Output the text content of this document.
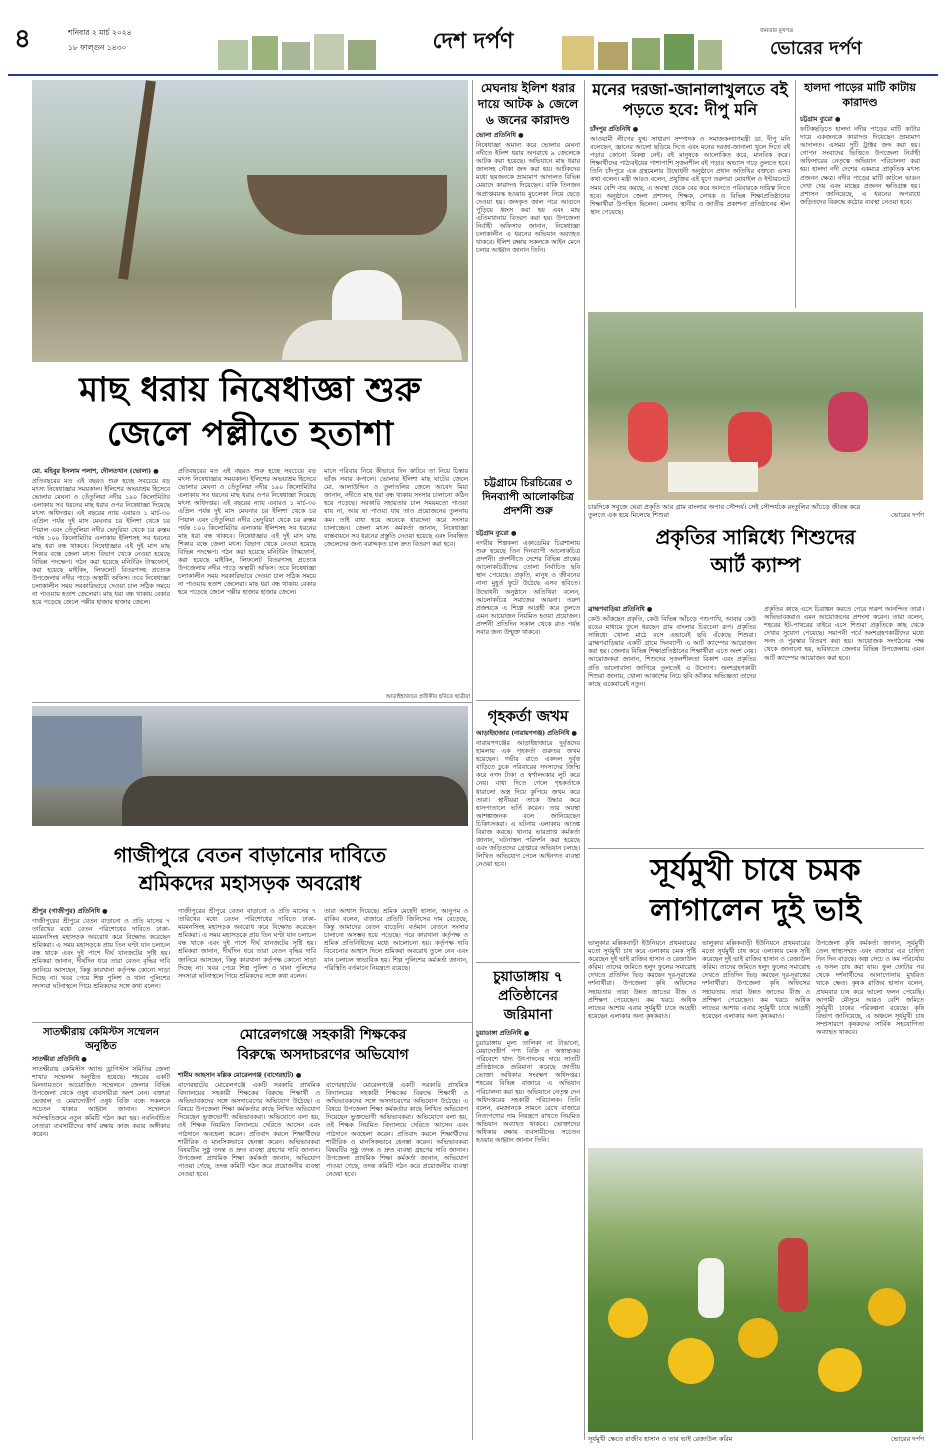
৪	শনিবার ২ মার্চ ২০২৪
১৮ ফাল্গুন ১৪৩০	দেশ দর্পণ	জনতার মুখপত্র
ভোরের দর্পণ
মাছ ধরায় নিষেধাজ্ঞা শুরু
জেলে পল্লীতে হতাশা
মো. মহিবুর ইসলাম পলাশ, দৌলতখান (ভোলা) ●
প্রতিবছরের মত এই বছরও শুরু হচ্ছে সবচেয়ে বড় মৎস্য নিষেধাজ্ঞার সময়কাল। ইলিশের অভয়াশ্রম হিসেবে ভোলার মেঘনা ও তেঁতুলিয়া নদীর ১৯০ কিলোমিটার এলাকায় সব ধরনের মাছ ধরার ওপর নিষেধাজ্ঞা দিয়েছে মৎস্য অধিদপ্তর। এই বছরের ন্যায় এবারও ১ মার্চ-৩০ এপ্রিল পর্যন্ত দুই মাস মেঘনার চর ইলিশা থেকে চর পিয়াল এবং তেঁতুলিয়া নদীর ভেদুরিয়া থেকে চর রুস্তম পর্যন্ত ১০০ কিলোমিটার এলাকায় ইলিশসহ সব ধরনের মাছ ধরা বন্ধ থাকবে। নিষেধাজ্ঞার এই দুই মাস মাছ শিকার বন্ধে জেলা মৎস্য বিভাগ থেকে নেওয়া হয়েছে বিভিন্ন পদক্ষেপ। গঠন করা হয়েছে মনিটরিং টাস্কফোর্স, করা হয়েছে মাইকিং, লিফলেট বিতরণসহ প্রত্যেক উপজেলায় নদীর পাড়ে অস্থায়ী অফিস। তবে নিষেধাজ্ঞা চলাকালীন সময় সরকারিভাবে দেওয়া চাল সঠিক সময়ে না পাওয়ায় হতাশ জেলেরা। মাছ ধরা বন্ধ থাকায় বেকার হয়ে পড়েছে জেলে পল্লীর হাজার হাজার জেলে।
প্রতিবছরের মত এই বছরও শুরু হচ্ছে সবচেয়ে বড় মৎস্য নিষেধাজ্ঞার সময়কাল। ইলিশের অভয়াশ্রম হিসেবে ভোলার মেঘনা ও তেঁতুলিয়া নদীর ১৯০ কিলোমিটার এলাকায় সব ধরনের মাছ ধরার ওপর নিষেধাজ্ঞা দিয়েছে মৎস্য অধিদপ্তর। এই বছরের ন্যায় এবারও ১ মার্চ-৩০ এপ্রিল পর্যন্ত দুই মাস মেঘনার চর ইলিশা থেকে চর পিয়াল এবং তেঁতুলিয়া নদীর ভেদুরিয়া থেকে চর রুস্তম পর্যন্ত ১০০ কিলোমিটার এলাকায় ইলিশসহ সব ধরনের মাছ ধরা বন্ধ থাকবে। নিষেধাজ্ঞার এই দুই মাস মাছ শিকার বন্ধে জেলা মৎস্য বিভাগ থেকে নেওয়া হয়েছে বিভিন্ন পদক্ষেপ। গঠন করা হয়েছে মনিটরিং টাস্কফোর্স, করা হয়েছে মাইকিং, লিফলেট বিতরণসহ প্রত্যেক উপজেলায় নদীর পাড়ে অস্থায়ী অফিস। তবে নিষেধাজ্ঞা চলাকালীন সময় সরকারিভাবে দেওয়া চাল সঠিক সময়ে না পাওয়ায় হতাশ জেলেরা। মাছ ধরা বন্ধ থাকায় বেকার হয়ে পড়েছে জেলে পল্লীর হাজার হাজার জেলে।
মাসে পরিবার নিয়ে কীভাবে দিন কাটবে তা নিয়ে চিন্তার ভাঁজ সবার কপালে। ভোলার ইলিশা মাছ ঘাটের জেলে মো. আলাউদ্দিন ও তুলাতলির জেলে আবেদ মিয়া জানান, নদীতে মাছ ধরা বন্ধ থাকায় সংসার চালানো কঠিন হয়ে পড়েছে। সরকারি সহায়তার চাল সময়মতো পাওয়া যায় না, আর যা পাওয়া যায় তাও প্রয়োজনের তুলনায় কম। তাই বাধ্য হয়ে অনেকে ধারদেনা করে সংসার চালাচ্ছেন। জেলা মৎস্য কর্মকর্তা জানান, নিষেধাজ্ঞা বাস্তবায়নে সব ধরনের প্রস্তুতি নেওয়া হয়েছে এবং নিবন্ধিত জেলেদের জন্য বরাদ্দকৃত চাল দ্রুত বিতরণ করা হবে।
মেঘনায় ইলিশ ধরার দায়ে আটক ৯ জেলে ৬ জনের কারাদণ্ড
ভোলা প্রতিনিধি ●
নিষেধাজ্ঞা অমান্য করে ভোলার মেঘনা নদীতে ইলিশ ধরার অপরাধে ৯ জেলেকে আটক করা হয়েছে। অভিযানে মাছ ধরার জালসহ নৌকা জব্দ করা হয়। আটকদের মধ্যে ছয়জনকে ভ্রাম্যমাণ আদালত বিভিন্ন মেয়াদে কারাদণ্ড দিয়েছেন। বাকি তিনজন অপ্রাপ্তবয়স্ক হওয়ায় মুচলেকা নিয়ে ছেড়ে দেওয়া হয়। জব্দকৃত জাল পরে আগুনে পুড়িয়ে ধ্বংস করা হয় এবং মাছ এতিমখানায় বিতরণ করা হয়। উপজেলা নির্বাহী অফিসার জানান, নিষেধাজ্ঞা চলাকালীন এ ধরনের অভিযান অব্যাহত থাকবে। ইলিশ রক্ষায় সকলকে আইন মেনে চলার আহ্বান জানান তিনি।
চট্টগ্রামে চিরচিত্রের ৩ দিনব্যাপী আলোকচিত্র প্রদর্শনী শুরু
চট্টগ্রাম ব্যুরো ●
নগরীর শিল্পকলা একাডেমির চিত্রশালায় শুরু হয়েছে তিন দিনব্যাপী আলোকচিত্র প্রদর্শনী। প্রদর্শনীতে দেশের বিভিন্ন প্রান্তের আলোকচিত্রীদের তোলা নির্বাচিত ছবি স্থান পেয়েছে। প্রকৃতি, মানুষ ও জীবনের নানা মুহূর্ত ফুটে উঠেছে এসব ছবিতে। উদ্বোধনী অনুষ্ঠানে অতিথিরা বলেন, আলোকচিত্র সমাজের আয়না। তরুণ প্রজন্মকে এ শিল্পে আগ্রহী করে তুলতে এমন আয়োজন নিয়মিত হওয়া প্রয়োজন। প্রদর্শনী প্রতিদিন সকাল থেকে রাত পর্যন্ত সবার জন্য উন্মুক্ত থাকবে।
মনের দরজা-জানালাখুলতে বই পড়তে হবে: দীপু মনি
চাঁদপুর প্রতিনিধি ●
আওয়ামী লীগের যুগ্ম সাধারণ সম্পাদক ও সমাজকল্যাণমন্ত্রী ডা. দীপু মনি বলেছেন, জ্ঞানের আলো ছড়িয়ে দিতে এবং মনের দরজা-জানালা খুলে দিতে বই পড়ার কোনো বিকল্প নেই। বই মানুষকে আলোকিত করে, মানবিক করে। শিক্ষার্থীদের পাঠ্যবইয়ের পাশাপাশি সৃজনশীল বই পড়ার অভ্যাস গড়ে তুলতে হবে। তিনি চাঁদপুরে এক গ্রন্থমেলার উদ্বোধনী অনুষ্ঠানে প্রধান অতিথির বক্তব্যে এসব কথা বলেন। মন্ত্রী আরও বলেন, প্রযুক্তির এই যুগে তরুণরা মোবাইল ও ইন্টারনেটে সময় বেশি ব্যয় করছে, এ অবস্থা থেকে বের করে আনতে পরিবারকে দায়িত্ব নিতে হবে। অনুষ্ঠানে জেলা প্রশাসন, শিক্ষক, লেখক ও বিভিন্ন শিক্ষাপ্রতিষ্ঠানের শিক্ষার্থীরা উপস্থিত ছিলেন। মেলায় স্থানীয় ও জাতীয় প্রকাশনা প্রতিষ্ঠানের স্টল স্থান পেয়েছে।
হালদা পাড়ের মাটি কাটায় কারাদণ্ড
চট্টগ্রাম ব্যুরো ●
ফটিকছড়িতে হালদা নদীর পাড়ের মাটি কাটার দায়ে একজনকে কারাদণ্ড দিয়েছেন ভ্রাম্যমাণ আদালত। এসময় দুটি ট্রাক্টর জব্দ করা হয়। গোপন সংবাদের ভিত্তিতে উপজেলা নির্বাহী অফিসারের নেতৃত্বে অভিযান পরিচালনা করা হয়। হালদা নদী দেশের একমাত্র প্রাকৃতিক মৎস্য প্রজনন ক্ষেত্র। নদীর পাড়ের মাটি কাটলে ভাঙন দেখা দেয় এবং মাছের প্রজনন ক্ষতিগ্রস্ত হয়। প্রশাসন জানিয়েছে, এ ধরনের অপরাধে জড়িতদের বিরুদ্ধে কঠোর ব্যবস্থা নেওয়া হবে।
চারদিকে সবুজে ঘেরা প্রকৃতি আর গ্রাম বাংলার অপার সৌন্দর্য। সেই সৌন্দর্যকে রংতুলির আঁচড়ে জীবন্ত করে তুলতে এক হয়ে মিলেছে শিশুরা	ভোরের দর্পণ
প্রকৃতির সান্নিধ্যে শিশুদের
আর্ট ক্যাম্প
ব্রাহ্মণবাড়িয়া প্রতিনিধি ●
কেউ আঁকছেন প্রকৃতি, কেউ বিভিন্ন আঁচড়ে পশুপাখি, আবার কেউ রঙের মাধ্যমে তুলে ধরছেন গ্রাম বাংলার চিরচেনা রূপ। প্রকৃতির সান্নিধ্যে খোলা মাঠে বসে এভাবেই ছবি এঁকেছে শিশুরা। ব্রাহ্মণবাড়িয়ার একটি গ্রামে দিনব্যাপী এ আর্ট ক্যাম্পের আয়োজন করা হয়। জেলার বিভিন্ন শিক্ষাপ্রতিষ্ঠানের শিক্ষার্থীরা এতে অংশ নেয়। আয়োজকরা জানান, শিশুদের সৃজনশীলতা বিকাশ এবং প্রকৃতির প্রতি ভালোবাসা জাগিয়ে তুলতেই এ উদ্যোগ। অংশগ্রহণকারী শিশুরা জানায়, খোলা আকাশের নিচে ছবি আঁকার অভিজ্ঞতা তাদের কাছে একেবারেই নতুন।
প্রকৃতির কাছে এসে চিত্রাঙ্কন করতে পেরে দারুণ আনন্দিত তারা। অভিভাবকরাও এমন আয়োজনের প্রশংসা করেন। তারা বলেন, শহরের ইট-পাথরের বাইরে এসে শিশুরা প্রকৃতিকে কাছ থেকে দেখার সুযোগ পেয়েছে। সমাপনী পর্বে অংশগ্রহণকারীদের মধ্যে সনদ ও পুরস্কার বিতরণ করা হয়। আয়োজক সংগঠনের পক্ষ থেকে জানানো হয়, ভবিষ্যতে জেলার বিভিন্ন উপজেলায় এমন আর্ট ক্যাম্পের আয়োজন করা হবে।
আড়াইহাজারে প্রতীকীর ছবিতে ছাত্রীরা
গৃহকর্তা জখম
আড়াইহাজার (নারায়ণগঞ্জ) প্রতিনিধি ●
নারায়ণগঞ্জের আড়াইহাজারে দুর্বৃত্তদের হামলায় এক গৃহকর্তা গুরুতর জখম হয়েছেন। গভীর রাতে একদল দুর্বৃত্ত বাড়িতে ঢুকে পরিবারের সদস্যদের জিম্মি করে নগদ টাকা ও স্বর্ণালংকার লুট করে নেয়। বাধা দিতে গেলে গৃহকর্তাকে ধারালো অস্ত্র দিয়ে কুপিয়ে জখম করে তারা। স্থানীয়রা তাকে উদ্ধার করে হাসপাতালে ভর্তি করেন। তার অবস্থা আশঙ্কাজনক বলে জানিয়েছেন চিকিৎসকরা। এ ঘটনায় এলাকায় আতঙ্ক বিরাজ করছে। থানার ভারপ্রাপ্ত কর্মকর্তা জানান, ঘটনাস্থল পরিদর্শন করা হয়েছে এবং জড়িতদের গ্রেপ্তারে অভিযান চলছে। লিখিত অভিযোগ পেলে আইনগত ব্যবস্থা নেওয়া হবে।
গাজীপুরে বেতন বাড়ানোর দাবিতে
শ্রমিকদের মহাসড়ক অবরোধ
শ্রীপুর (গাজীপুর) প্রতিনিধি ●
গাজীপুরের শ্রীপুরে বেতন বাড়ানো ও প্রতি মাসের ৭ তারিখের মধ্যে বেতন পরিশোধের দাবিতে ঢাকা-ময়মনসিংহ মহাসড়ক অবরোধ করে বিক্ষোভ করেছেন শ্রমিকরা। এ সময় মহাসড়কে প্রায় তিন ঘণ্টা যান চলাচল বন্ধ থাকে এবং দুই পাশে দীর্ঘ যানজটের সৃষ্টি হয়। শ্রমিকরা জানান, দীর্ঘদিন ধরে তারা বেতন বৃদ্ধির দাবি জানিয়ে আসছেন, কিন্তু কারখানা কর্তৃপক্ষ কোনো সাড়া দিচ্ছে না। খবর পেয়ে শিল্প পুলিশ ও থানা পুলিশের সদস্যরা ঘটনাস্থলে গিয়ে শ্রমিকদের সঙ্গে কথা বলেন।
গাজীপুরের শ্রীপুরে বেতন বাড়ানো ও প্রতি মাসের ৭ তারিখের মধ্যে বেতন পরিশোধের দাবিতে ঢাকা-ময়মনসিংহ মহাসড়ক অবরোধ করে বিক্ষোভ করেছেন শ্রমিকরা। এ সময় মহাসড়কে প্রায় তিন ঘণ্টা যান চলাচল বন্ধ থাকে এবং দুই পাশে দীর্ঘ যানজটের সৃষ্টি হয়। শ্রমিকরা জানান, দীর্ঘদিন ধরে তারা বেতন বৃদ্ধির দাবি জানিয়ে আসছেন, কিন্তু কারখানা কর্তৃপক্ষ কোনো সাড়া দিচ্ছে না। খবর পেয়ে শিল্প পুলিশ ও থানা পুলিশের সদস্যরা ঘটনাস্থলে গিয়ে শ্রমিকদের সঙ্গে কথা বলেন।
তারা আশ্বাস দিয়েছে। শ্রমিক মেহেদী হাসান, আনুপম ও রাকিব বলেন, বাজারে প্রতিটি জিনিসের দাম বেড়েছে, কিন্তু আমাদের বেতন বাড়েনি। বর্তমান বেতনে সংসার চালানো অসম্ভব হয়ে পড়েছে। পরে কারখানা কর্তৃপক্ষ ও শ্রমিক প্রতিনিধিদের মধ্যে আলোচনা হয়। কর্তৃপক্ষ দাবি বিবেচনার আশ্বাস দিলে শ্রমিকরা অবরোধ তুলে নেন এবং যান চলাচল স্বাভাবিক হয়। শিল্প পুলিশের কর্মকর্তা জানান, পরিস্থিতি বর্তমানে নিয়ন্ত্রণে রয়েছে।
চুয়াডাঙ্গায় ৭ প্রতিষ্ঠানের জরিমানা
চুয়াডাঙ্গা প্রতিনিধি ●
চুয়াডাঙ্গায় মূল্য তালিকা না টাঙানো, মেয়াদোত্তীর্ণ পণ্য বিক্রি ও অস্বাস্থ্যকর পরিবেশে খাদ্য উৎপাদনের দায়ে সাতটি প্রতিষ্ঠানকে জরিমানা করেছে জাতীয় ভোক্তা অধিকার সংরক্ষণ অধিদপ্তর। শহরের বিভিন্ন বাজারে এ অভিযান পরিচালনা করা হয়। অভিযানে নেতৃত্ব দেন অধিদপ্তরের সহকারী পরিচালক। তিনি বলেন, রমজানকে সামনে রেখে বাজারে নিত্যপণ্যের দাম নিয়ন্ত্রণে রাখতে নিয়মিত অভিযান অব্যাহত থাকবে। ভোক্তাদের অধিকার রক্ষায় ব্যবসায়ীদের সচেতন হওয়ার আহ্বান জানান তিনি।
সাতক্ষীরায় কেমিস্টস সম্মেলন অনুষ্ঠিত
সাতক্ষীরা প্রতিনিধি ●
সাতক্ষীরায় কেমিস্টস অ্যান্ড ড্রাগিস্টস সমিতির জেলা শাখার সম্মেলন অনুষ্ঠিত হয়েছে। শহরের একটি মিলনায়তনে আয়োজিত সম্মেলনে জেলার বিভিন্ন উপজেলা থেকে ওষুধ ব্যবসায়ীরা অংশ নেন। বক্তারা ভেজাল ও মেয়াদোত্তীর্ণ ওষুধ বিক্রি বন্ধে সকলকে সচেতন থাকার আহ্বান জানান। সম্মেলনে সর্বসম্মতিক্রমে নতুন কমিটি গঠন করা হয়। নবনির্বাচিত নেতারা ব্যবসায়ীদের স্বার্থ রক্ষায় কাজ করার অঙ্গীকার করেন।
মোরেলগঞ্জে সহকারী শিক্ষকের
বিরুদ্ধে অসদাচরণের অভিযোগ
শামীম আহসান মল্লিক মোরেলগঞ্জ (বাগেরহাট) ●
বাগেরহাটের মোরেলগঞ্জে একটি সরকারি প্রাথমিক বিদ্যালয়ের সহকারী শিক্ষকের বিরুদ্ধে শিক্ষার্থী ও অভিভাবকদের সঙ্গে অসদাচরণের অভিযোগ উঠেছে। এ বিষয়ে উপজেলা শিক্ষা কর্মকর্তার কাছে লিখিত অভিযোগ দিয়েছেন ভুক্তভোগী অভিভাবকরা। অভিযোগে বলা হয়, ওই শিক্ষক নিয়মিত বিদ্যালয়ে দেরিতে আসেন এবং পাঠদানে অবহেলা করেন। প্রতিবাদ করলে শিক্ষার্থীদের শারীরিক ও মানসিকভাবে হেনস্তা করেন। অভিভাবকরা বিষয়টির সুষ্ঠু তদন্ত ও দ্রুত ব্যবস্থা গ্রহণের দাবি জানান। উপজেলা প্রাথমিক শিক্ষা কর্মকর্তা জানান, অভিযোগ পাওয়া গেছে, তদন্ত কমিটি গঠন করে প্রয়োজনীয় ব্যবস্থা নেওয়া হবে।
বাগেরহাটের মোরেলগঞ্জে একটি সরকারি প্রাথমিক বিদ্যালয়ের সহকারী শিক্ষকের বিরুদ্ধে শিক্ষার্থী ও অভিভাবকদের সঙ্গে অসদাচরণের অভিযোগ উঠেছে। এ বিষয়ে উপজেলা শিক্ষা কর্মকর্তার কাছে লিখিত অভিযোগ দিয়েছেন ভুক্তভোগী অভিভাবকরা। অভিযোগে বলা হয়, ওই শিক্ষক নিয়মিত বিদ্যালয়ে দেরিতে আসেন এবং পাঠদানে অবহেলা করেন। প্রতিবাদ করলে শিক্ষার্থীদের শারীরিক ও মানসিকভাবে হেনস্তা করেন। অভিভাবকরা বিষয়টির সুষ্ঠু তদন্ত ও দ্রুত ব্যবস্থা গ্রহণের দাবি জানান। উপজেলা প্রাথমিক শিক্ষা কর্মকর্তা জানান, অভিযোগ পাওয়া গেছে, তদন্ত কমিটি গঠন করে প্রয়োজনীয় ব্যবস্থা নেওয়া হবে।
সূর্যমুখী চাষে চমক
লাগালেন দুই ভাই
ভালুকার মল্লিকবাড়ী ইউনিয়নে প্রথমবারের মতো সূর্যমুখী চাষ করে এলাকায় চমক সৃষ্টি করেছেন দুই ভাই রাজিব হাসান ও রেজাউল করিম। তাদের জমিতে হলুদ ফুলের সমারোহ দেখতে প্রতিদিন ভিড় করছেন দূর-দূরান্তের দর্শনার্থীরা। উপজেলা কৃষি অফিসের সহায়তায় তারা উন্নত জাতের বীজ ও প্রশিক্ষণ পেয়েছেন। কম খরচে অধিক লাভের আশায় এবার সূর্যমুখী চাষে আগ্রহী হয়েছেন এলাকার অন্য কৃষকরাও।
ভালুকার মল্লিকবাড়ী ইউনিয়নে প্রথমবারের মতো সূর্যমুখী চাষ করে এলাকায় চমক সৃষ্টি করেছেন দুই ভাই রাজিব হাসান ও রেজাউল করিম। তাদের জমিতে হলুদ ফুলের সমারোহ দেখতে প্রতিদিন ভিড় করছেন দূর-দূরান্তের দর্শনার্থীরা। উপজেলা কৃষি অফিসের সহায়তায় তারা উন্নত জাতের বীজ ও প্রশিক্ষণ পেয়েছেন। কম খরচে অধিক লাভের আশায় এবার সূর্যমুখী চাষে আগ্রহী হয়েছেন এলাকার অন্য কৃষকরাও।
উপজেলা কৃষি কর্মকর্তা জানান, সূর্যমুখী তেল স্বাস্থ্যসম্মত এবং বাজারে এর চাহিদা দিন দিন বাড়ছে। অল্প সেচে ও কম পরিচর্যায় এ ফসল চাষ করা যায়। ফুল ফোটার পর থেকে দর্শনার্থীদের আনাগোনায় মুখরিত থাকে ক্ষেত। কৃষক রাজিব হাসান বলেন, প্রথমবার চাষ করে ভালো ফলন পেয়েছি। আগামী মৌসুমে আরও বেশি জমিতে সূর্যমুখী চাষের পরিকল্পনা রয়েছে। কৃষি বিভাগ জানিয়েছে, এ অঞ্চলে সূর্যমুখী চাষ সম্প্রসারণে কৃষকদের সার্বিক সহযোগিতা অব্যাহত থাকবে।
সূর্যমুখী ক্ষেতে রাজীব হাসান ও তার ভাই রেজাউল করিম	ভোরের দর্পণ
